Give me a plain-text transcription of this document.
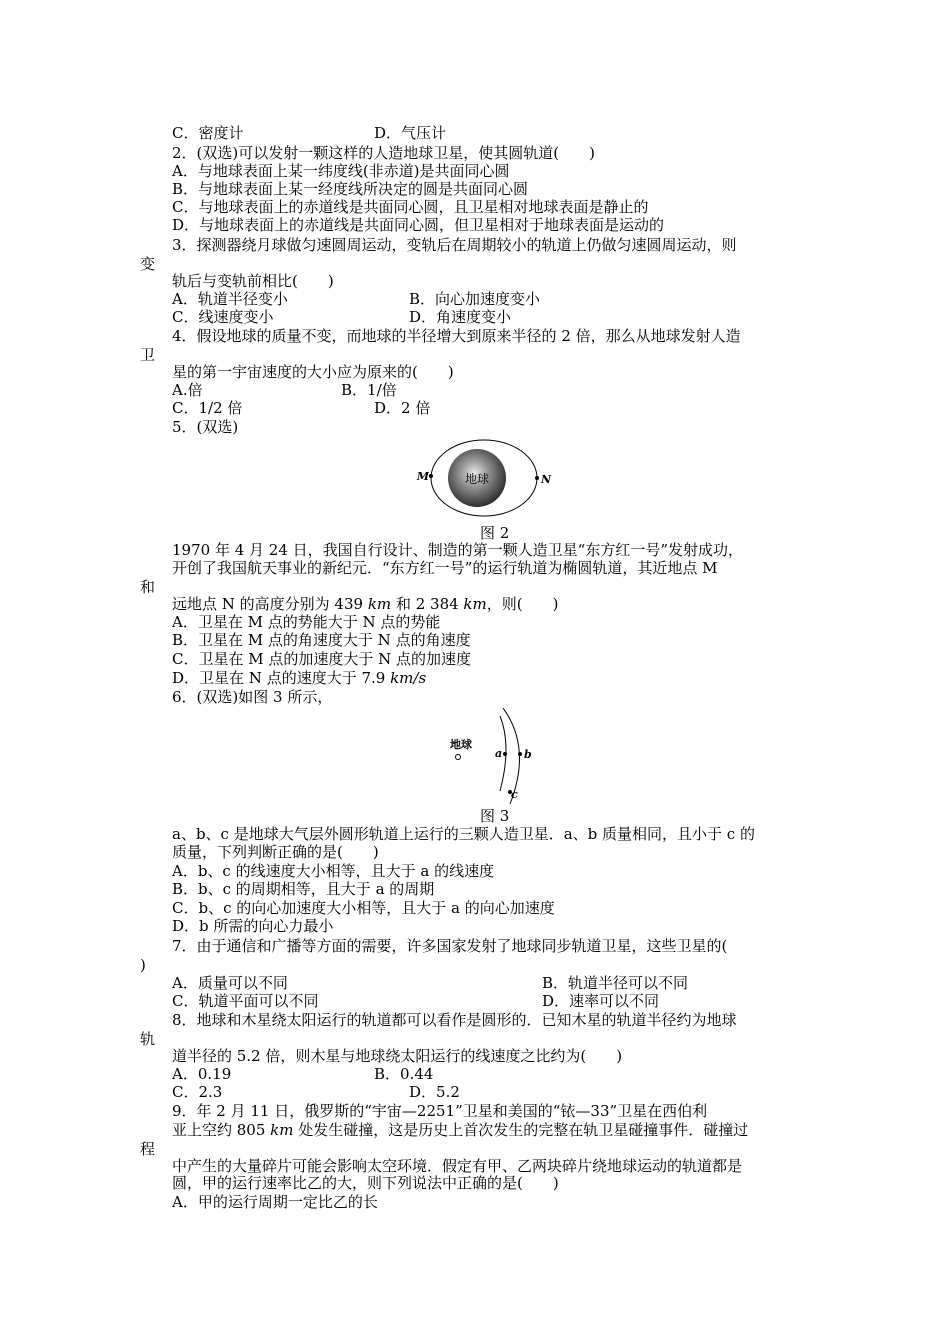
C．密度计	D．气压计
2．(双选)可以发射一颗这样的人造地球卫星，使其圆轨道(　　)
A．与地球表面上某一纬度线(非赤道)是共面同心圆
B．与地球表面上某一经度线所决定的圆是共面同心圆
C．与地球表面上的赤道线是共面同心圆，且卫星相对地球表面是静止的
D．与地球表面上的赤道线是共面同心圆，但卫星相对于地球表面是运动的
3．探测器绕月球做匀速圆周运动，变轨后在周期较小的轨道上仍做匀速圆周运动，则
变
轨后与变轨前相比(　　)
A．轨道半径变小	B．向心加速度变小
C．线速度变小	D．角速度变小
4．假设地球的质量不变，而地球的半径增大到原来半径的 2 倍，那么从地球发射人造
卫
星的第一宇宙速度的大小应为原来的(　　)
A.倍	B．1/倍
C．1/2 倍	D．2 倍
5．(双选)
地球
M	N
图 2
1970 年 4 月 24 日，我国自行设计、制造的第一颗人造卫星“东方红一号”发射成功，
开创了我国航天事业的新纪元．“东方红一号”的运行轨道为椭圆轨道，其近地点 M
和
远地点 N 的高度分别为 439 km 和 2 384 km，则(　　)
A．卫星在 M 点的势能大于 N 点的势能
B．卫星在 M 点的角速度大于 N 点的角速度
C．卫星在 M 点的加速度大于 N 点的加速度
D．卫星在 N 点的速度大于 7.9 km/s
6．(双选)如图 3 所示，
地球
a b
c
图 3
a、b、c 是地球大气层外圆形轨道上运行的三颗人造卫星．a、b 质量相同，且小于 c 的
质量，下列判断正确的是(　　)
A．b、c 的线速度大小相等，且大于 a 的线速度
B．b、c 的周期相等，且大于 a 的周期
C．b、c 的向心加速度大小相等，且大于 a 的向心加速度
D．b 所需的向心力最小
7．由于通信和广播等方面的需要，许多国家发射了地球同步轨道卫星，这些卫星的(
)
A．质量可以不同	B．轨道半径可以不同
C．轨道平面可以不同	D．速率可以不同
8．地球和木星绕太阳运行的轨道都可以看作是圆形的．已知木星的轨道半径约为地球
轨
道半径的 5.2 倍，则木星与地球绕太阳运行的线速度之比约为(　　)
A．0.19	B．0.44
C．2.3	D．5.2
9．年 2 月 11 日，俄罗斯的“宇宙—2251”卫星和美国的“铱—33”卫星在西伯利
亚上空约 805 km 处发生碰撞，这是历史上首次发生的完整在轨卫星碰撞事件．碰撞过
程
中产生的大量碎片可能会影响太空环境．假定有甲、乙两块碎片绕地球运动的轨道都是
圆，甲的运行速率比乙的大，则下列说法中正确的是(　　)
A．甲的运行周期一定比乙的长
